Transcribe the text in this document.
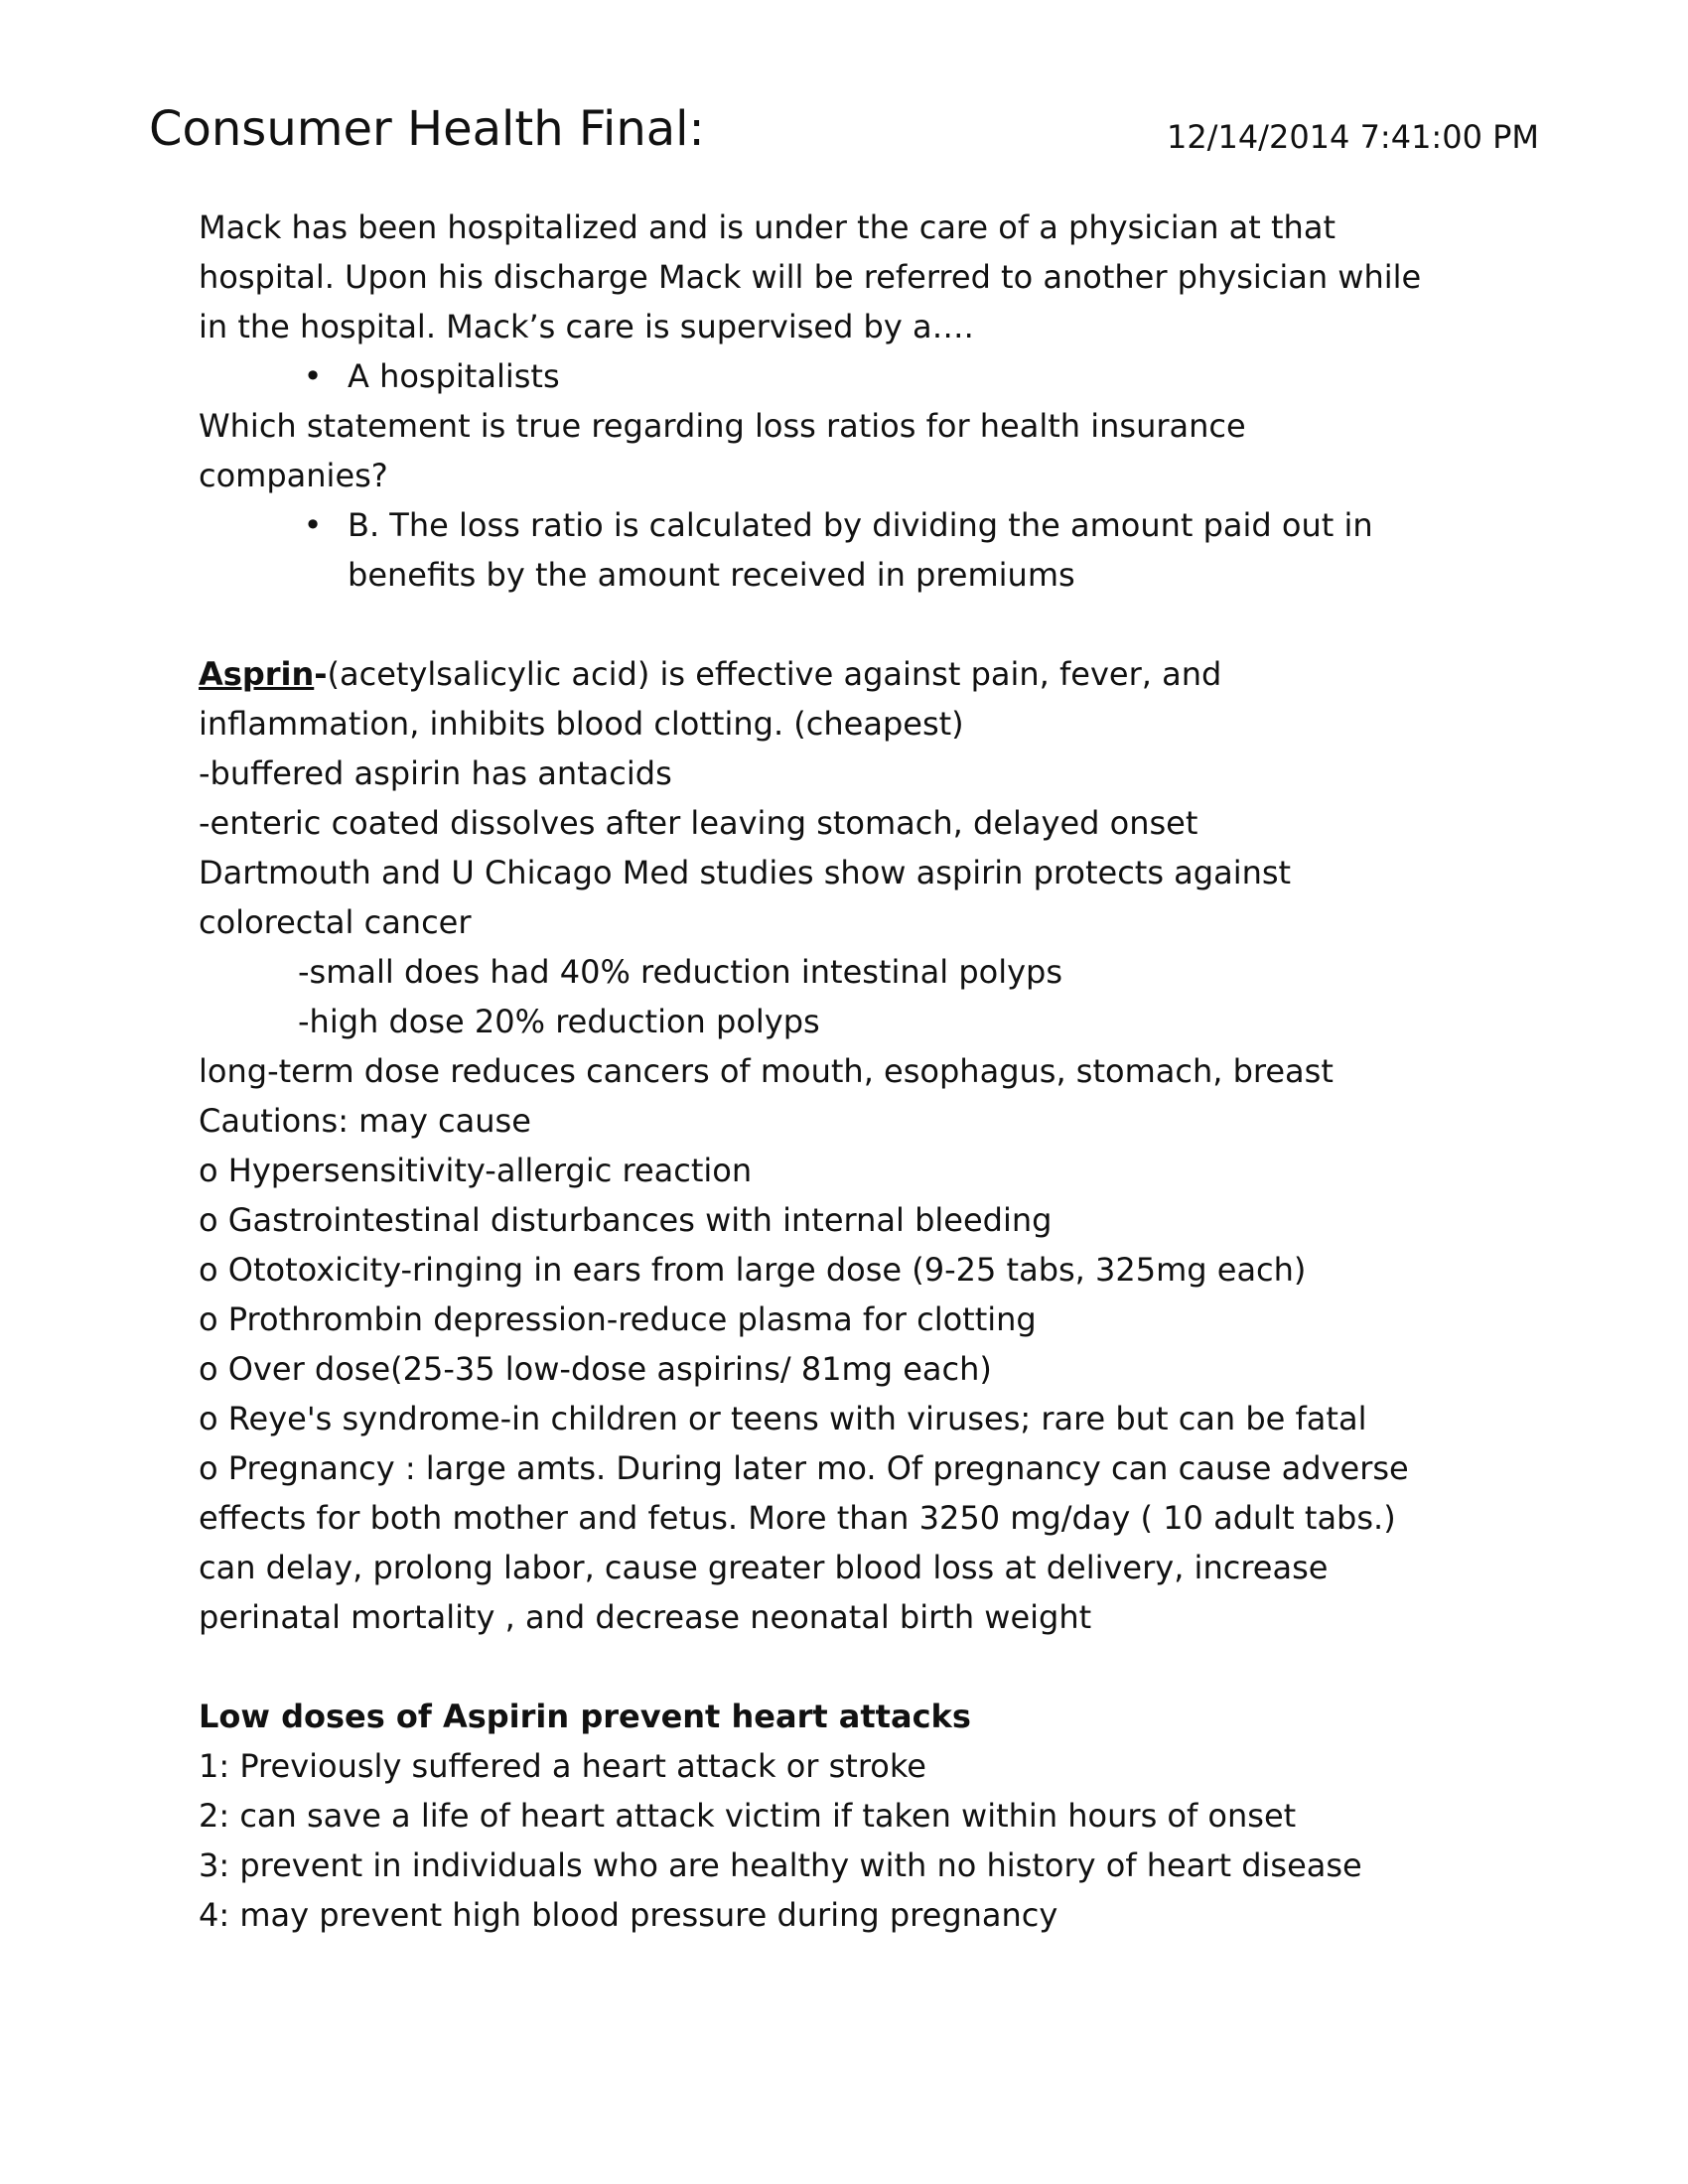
Consumer Health Final:	12/14/2014 7:41:00 PM
Mack has been hospitalized and is under the care of a physician at that
hospital. Upon his discharge Mack will be referred to another physician while
in the hospital. Mack’s care is supervised by a….
• A hospitalists
Which statement is true regarding loss ratios for health insurance
companies?
• B. The loss ratio is calculated by dividing the amount paid out in
benefits by the amount received in premiums
Asprin-(acetylsalicylic acid) is effective against pain, fever, and
inflammation, inhibits blood clotting. (cheapest)
-buffered aspirin has antacids
-enteric coated dissolves after leaving stomach, delayed onset
Dartmouth and U Chicago Med studies show aspirin protects against
colorectal cancer
-small does had 40% reduction intestinal polyps
-high dose 20% reduction polyps
long-term dose reduces cancers of mouth, esophagus, stomach, breast
Cautions: may cause
o Hypersensitivity-allergic reaction
o Gastrointestinal disturbances with internal bleeding
o Ototoxicity-ringing in ears from large dose (9-25 tabs, 325mg each)
o Prothrombin depression-reduce plasma for clotting
o Over dose(25-35 low-dose aspirins/ 81mg each)
o Reye's syndrome-in children or teens with viruses; rare but can be fatal
o Pregnancy : large amts. During later mo. Of pregnancy can cause adverse
effects for both mother and fetus. More than 3250 mg/day ( 10 adult tabs.)
can delay, prolong labor, cause greater blood loss at delivery, increase
perinatal mortality , and decrease neonatal birth weight
Low doses of Aspirin prevent heart attacks
1: Previously suffered a heart attack or stroke
2: can save a life of heart attack victim if taken within hours of onset
3: prevent in individuals who are healthy with no history of heart disease
4: may prevent high blood pressure during pregnancy
